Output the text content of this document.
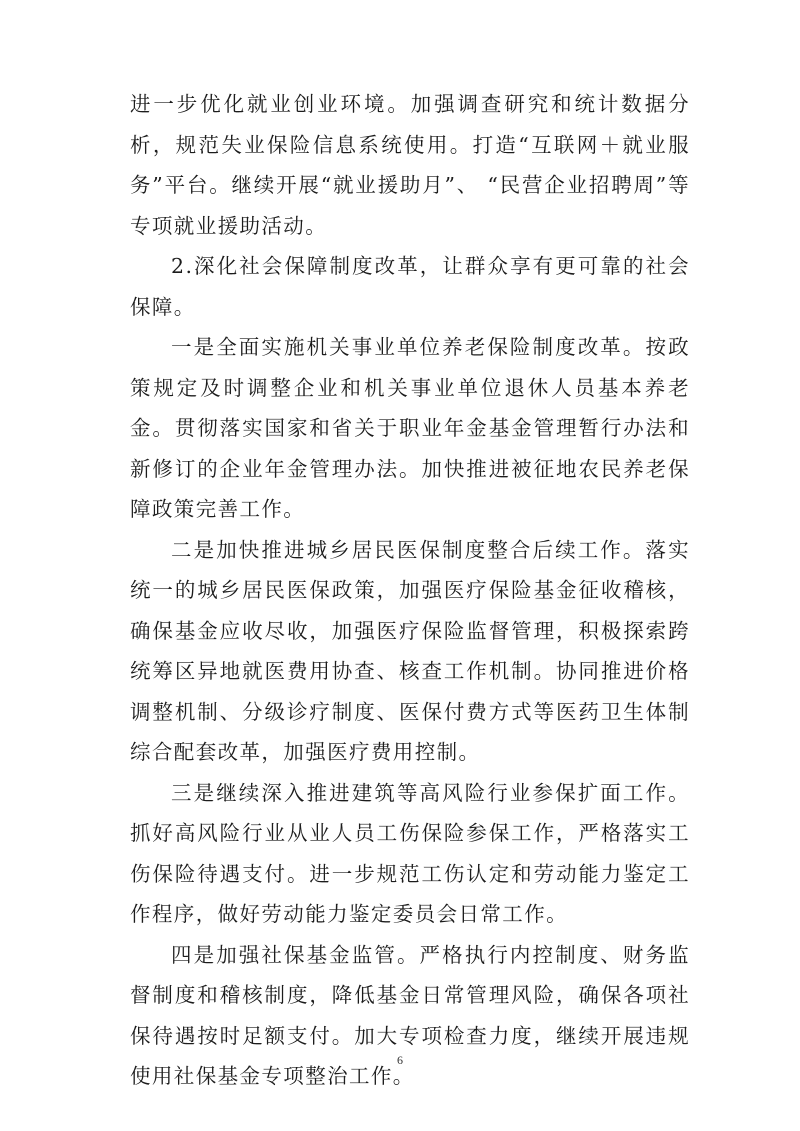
进一步优化就业创业环境。加强调查研究和统计数据分析，规范失业保险信息系统使用。打造“互联网＋就业服务”平台。继续开展“就业援助月”、 “民营企业招聘周”等专项就业援助活动。

2.深化社会保障制度改革，让群众享有更可靠的社会保障。

一是全面实施机关事业单位养老保险制度改革。按政策规定及时调整企业和机关事业单位退休人员基本养老金。贯彻落实国家和省关于职业年金基金管理暂行办法和新修订的企业年金管理办法。加快推进被征地农民养老保障政策完善工作。

二是加快推进城乡居民医保制度整合后续工作。落实统一的城乡居民医保政策，加强医疗保险基金征收稽核，确保基金应收尽收，加强医疗保险监督管理，积极探索跨统筹区异地就医费用协查、核查工作机制。协同推进价格调整机制、分级诊疗制度、医保付费方式等医药卫生体制综合配套改革，加强医疗费用控制。

三是继续深入推进建筑等高风险行业参保扩面工作。抓好高风险行业从业人员工伤保险参保工作，严格落实工伤保险待遇支付。进一步规范工伤认定和劳动能力鉴定工作程序，做好劳动能力鉴定委员会日常工作。

四是加强社保基金监管。严格执行内控制度、财务监督制度和稽核制度，降低基金日常管理风险，确保各项社保待遇按时足额支付。加大专项检查力度，继续开展违规使用社保基金专项整治工作。

6
